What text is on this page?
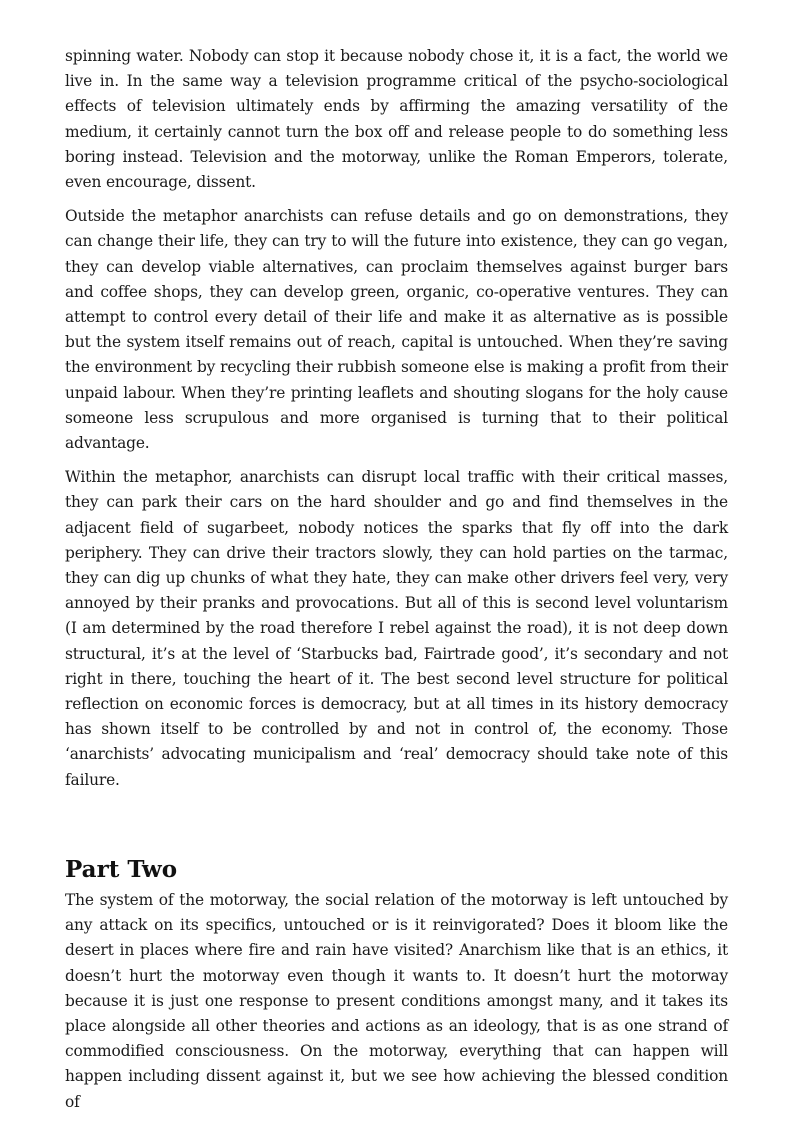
spinning water. Nobody can stop it because nobody chose it, it is a fact, the world we live in. In the same way a television programme critical of the psycho-sociological effects of television ultimately ends by affirming the amazing versatility of the medium, it certainly cannot turn the box off and release people to do something less boring instead. Television and the motorway, unlike the Roman Emperors, tolerate, even encourage, dissent.

Outside the metaphor anarchists can refuse details and go on demonstrations, they can change their life, they can try to will the future into existence, they can go vegan, they can develop viable alternatives, can proclaim themselves against burger bars and coffee shops, they can develop green, organic, co-operative ventures. They can attempt to control every detail of their life and make it as alternative as is possible but the system itself remains out of reach, capital is untouched. When they’re saving the environment by recycling their rubbish someone else is making a profit from their unpaid labour. When they’re printing leaflets and shouting slogans for the holy cause someone less scrupulous and more organised is turning that to their political advantage.

Within the metaphor, anarchists can disrupt local traffic with their critical masses, they can park their cars on the hard shoulder and go and find themselves in the adjacent field of sugarbeet, nobody notices the sparks that fly off into the dark periphery. They can drive their tractors slowly, they can hold parties on the tarmac, they can dig up chunks of what they hate, they can make other drivers feel very, very annoyed by their pranks and provocations. But all of this is second level voluntarism (I am determined by the road therefore I rebel against the road), it is not deep down structural, it’s at the level of ‘Starbucks bad, Fairtrade good’, it’s secondary and not right in there, touching the heart of it. The best second level structure for political reflection on economic forces is democracy, but at all times in its history democracy has shown itself to be controlled by and not in control of, the economy. Those ‘anarchists’ advocating municipalism and ‘real’ democracy should take note of this failure.

Part Two

The system of the motorway, the social relation of the motorway is left untouched by any attack on its specifics, untouched or is it reinvigorated? Does it bloom like the desert in places where fire and rain have visited? Anarchism like that is an ethics, it doesn’t hurt the motorway even though it wants to. It doesn’t hurt the motorway because it is just one response to present conditions amongst many, and it takes its place alongside all other theories and actions as an ideology, that is as one strand of commodified consciousness. On the motorway, everything that can happen will happen including dissent against it, but we see how achieving the blessed condition of
